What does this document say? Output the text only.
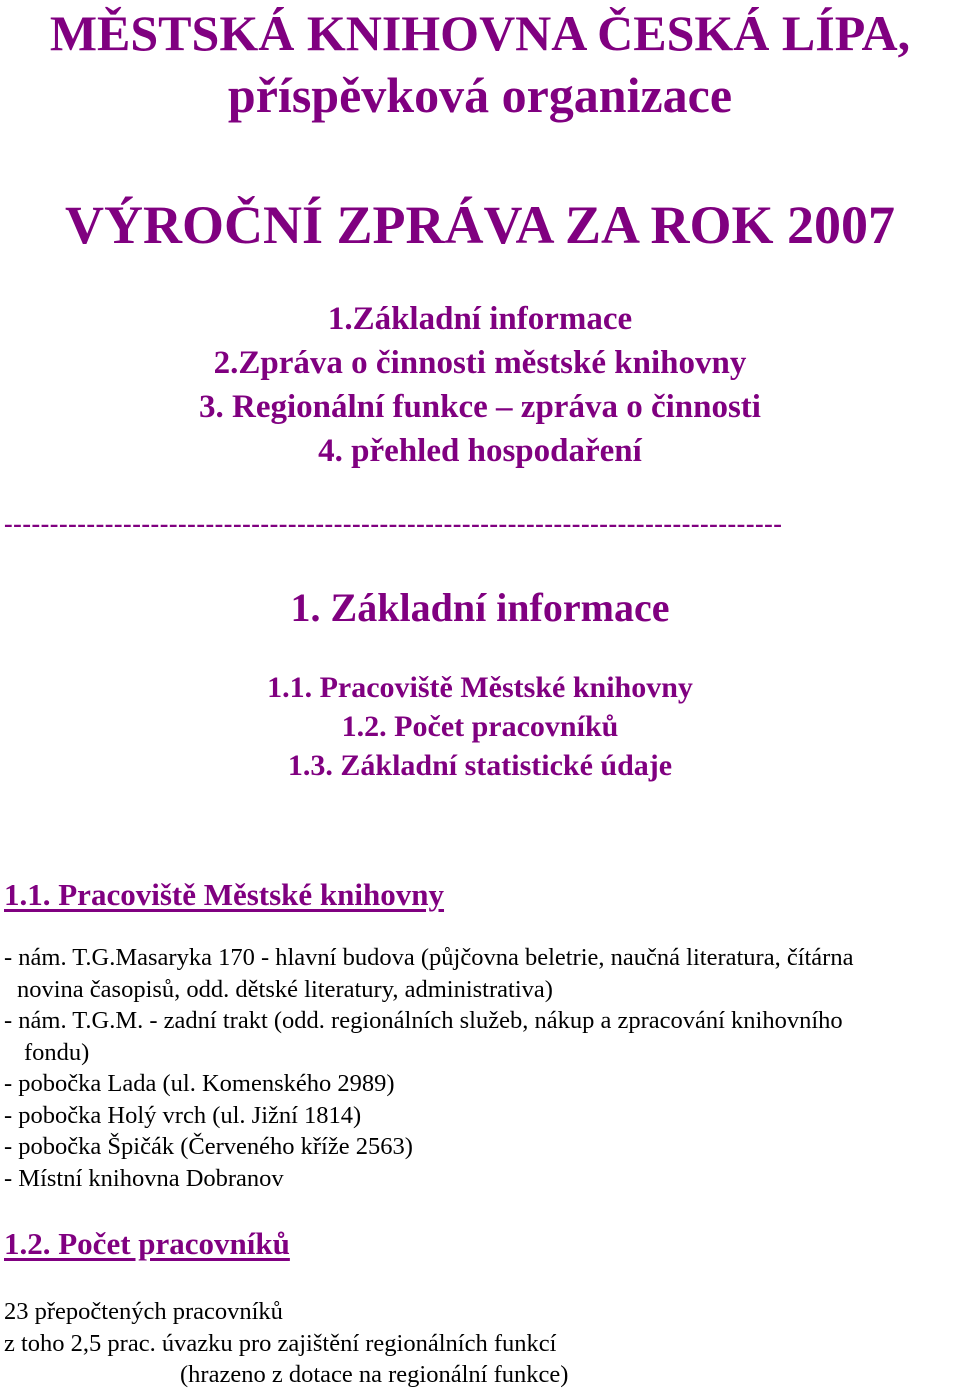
MĚSTSKÁ KNIHOVNA ČESKÁ LÍPA,
příspěvková organizace
VÝROČNÍ ZPRÁVA ZA ROK 2007
1.Základní informace
2.Zpráva o činnosti městské knihovny
3. Regionální funkce – zpráva o činnosti
4. přehled hospodaření
-------------------------------------------------------------------------------------
1. Základní informace
1.1. Pracoviště Městské knihovny
1.2. Počet pracovníků
1.3. Základní statistické údaje
1.1. Pracoviště Městské knihovny
- nám. T.G.Masaryka 170 - hlavní budova (půjčovna beletrie, naučná literatura, čítárna
novina časopisů, odd. dětské literatury, administrativa)
- nám. T.G.M. - zadní trakt (odd. regionálních služeb, nákup a zpracování knihovního
fondu)
- pobočka Lada (ul. Komenského 2989)
- pobočka Holý vrch (ul. Jižní 1814)
- pobočka Špičák (Červeného kříže 2563)
- Místní knihovna Dobranov
1.2. Počet pracovníků
23 přepočtených pracovníků
z toho 2,5 prac. úvazku pro zajištění regionálních funkcí
(hrazeno z dotace na regionální funkce)
